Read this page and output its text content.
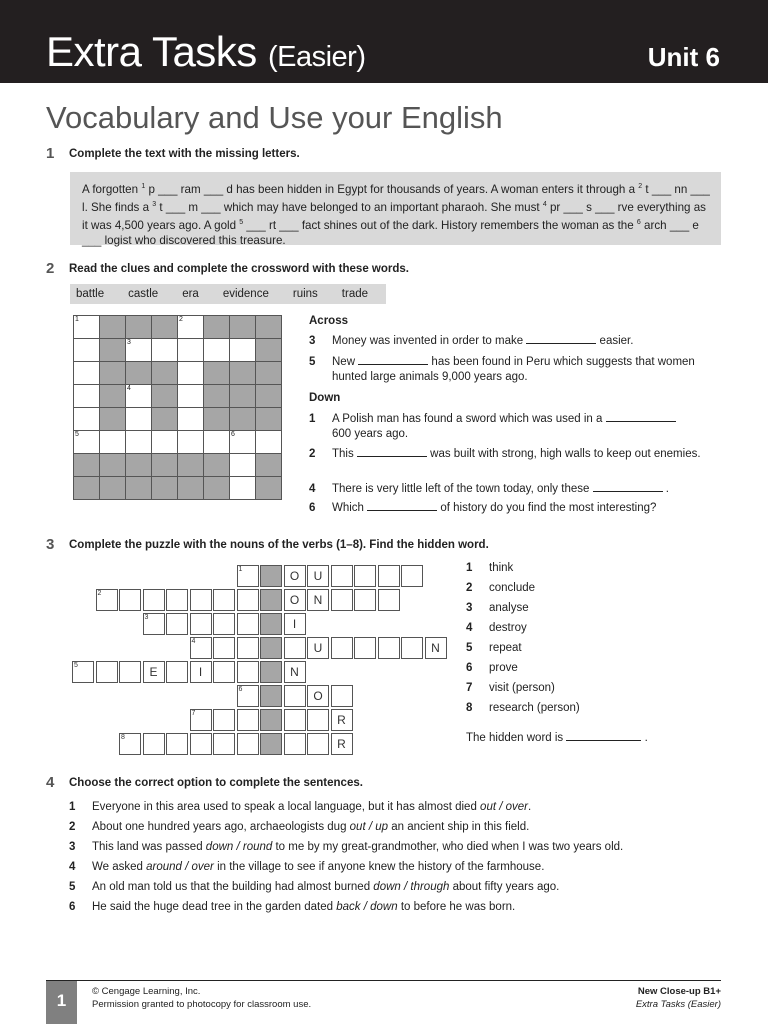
Extra Tasks (Easier)	Unit 6
Vocabulary and Use your English
1 Complete the text with the missing letters.
A forgotten $^1$ p ___ ram ___ d has been hidden in Egypt for thousands of years. A woman enters it through a $^2$ t ___ nn ___ l. She finds a $^3$ t ___ m ___ which may have belonged to an important pharaoh. She must $^4$ pr ___ s ___ rve everything as it was 4,500 years ago. A gold $^5$ ___ rt ___ fact shines out of the dark. History remembers the woman as the $^6$ arch ___ e ___ logist who discovered this treasure.
2 Read the clues and complete the crossword with these words.
battle	castle	era	evidence	ruins	trade
1				2			

		3					

		4					

5						6	

Across
3 Money was invented in order to make	easier.
5 New	has been found in Peru which suggests that women hunted large animals 9,000 years ago.
Down
1 A Polish man has found a sword which was used in a
600 years ago.
2 This	was built with strong, high walls to keep out enemies.
4 There is very little left of the town today, only these	.
6 Which	of history do you find the most interesting?
3 Complete the puzzle with the nouns of the verbs (1–8). Find the hidden word.
1	O	U
2	O	N
3	I
4	U	N
5	E	I	N
6	O
7	R
8	R
1 think
2 conclude
3 analyse
4 destroy
5 repeat
6 prove
7 visit (person)
8 research (person)
The hidden word is	.
4 Choose the correct option to complete the sentences.
1 Everyone in this area used to speak a local language, but it has almost died out / over.
2 About one hundred years ago, archaeologists dug out / up an ancient ship in this field.
3 This land was passed down / round to me by my great-grandmother, who died when I was two years old.
4 We asked around / over in the village to see if anyone knew the history of the farmhouse.
5 An old man told us that the building had almost burned down / through about fifty years ago.
6 He said the huge dead tree in the garden dated back / down to before he was born.
1	© Cengage Learning, Inc.
Permission granted to photocopy for classroom use.
New Close-up B1+
Extra Tasks (Easier)
